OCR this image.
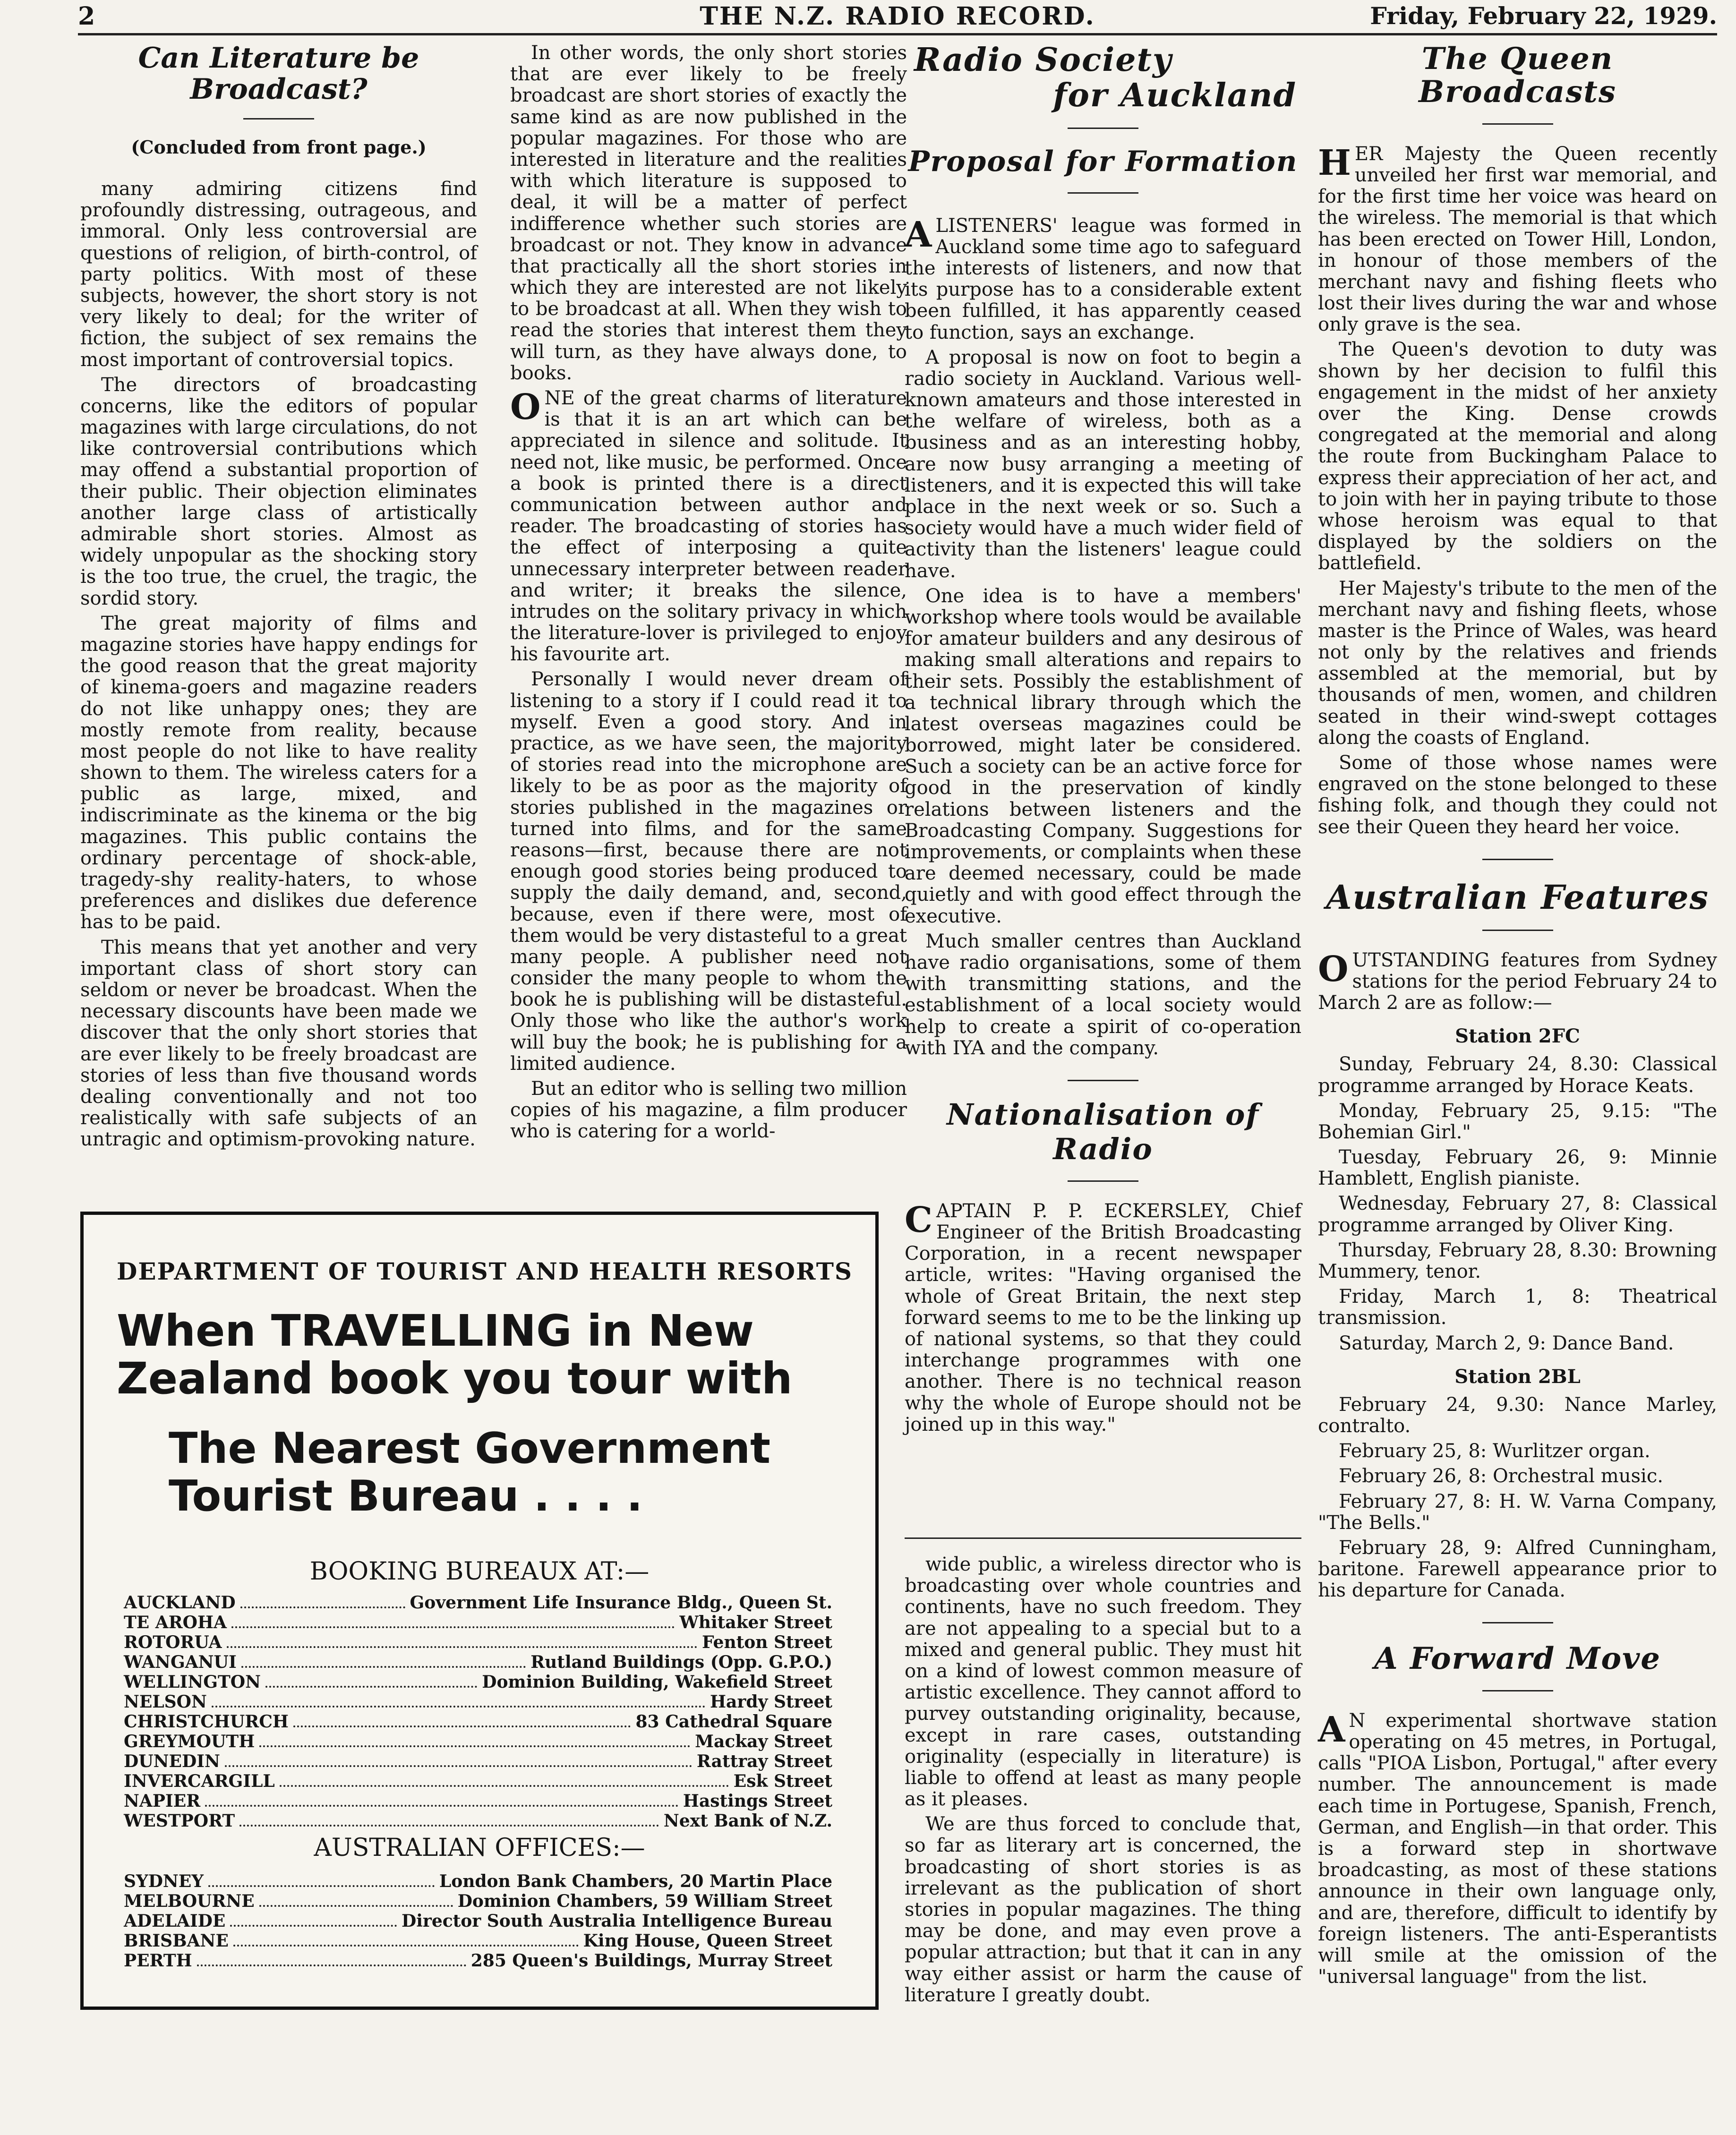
2	THE N.Z. RADIO RECORD.	Friday, February 22, 1929.
Can Literature be Broadcast?
(Concluded from front page.)

many admiring citizens find profoundly distressing, outrageous, and immoral. Only less controversial are questions of religion, of birth-control, of party politics. With most of these subjects, however, the short story is not very likely to deal; for the writer of fiction, the subject of sex remains the most important of controversial topics.

The directors of broadcasting concerns, like the editors of popular magazines with large circulations, do not like controversial contributions which may offend a substantial proportion of their public. Their objection eliminates another large class of artistically admirable short stories. Almost as widely unpopular as the shocking story is the too true, the cruel, the tragic, the sordid story.

The great majority of films and magazine stories have happy endings for the good reason that the great majority of kinema-goers and magazine readers do not like unhappy ones; they are mostly remote from reality, because most people do not like to have reality shown to them. The wireless caters for a public as large, mixed, and indiscriminate as the kinema or the big magazines. This public contains the ordinary percentage of shock-able, tragedy-shy reality-haters, to whose preferences and dislikes due deference has to be paid.

This means that yet another and very important class of short story can seldom or never be broadcast. When the necessary discounts have been made we discover that the only short stories that are ever likely to be freely broadcast are stories of less than five thousand words dealing conventionally and not too realistically with safe subjects of an untragic and optimism-provoking nature.

In other words, the only short stories that are ever likely to be freely broadcast are short stories of exactly the same kind as are now published in the popular magazines. For those who are interested in literature and the realities with which literature is supposed to deal, it will be a matter of perfect indifference whether such stories are broadcast or not. They know in advance that practically all the short stories in which they are interested are not likely to be broadcast at all. When they wish to read the stories that interest them they will turn, as they have always done, to books.

ONE of the great charms of literature is that it is an art which can be appreciated in silence and solitude. It need not, like music, be performed. Once a book is printed there is a direct communication between author and reader. The broadcasting of stories has the effect of interposing a quite unnecessary interpreter between reader and writer; it breaks the silence, intrudes on the solitary privacy in which the literature-lover is privileged to enjoy his favourite art.

Personally I would never dream of listening to a story if I could read it to myself. Even a good story. And in practice, as we have seen, the majority of stories read into the microphone are likely to be as poor as the majority of stories published in the magazines or turned into films, and for the same reasons—first, because there are not enough good stories being produced to supply the daily demand, and, second, because, even if there were, most of them would be very distasteful to a great many people. A publisher need not consider the many people to whom the book he is publishing will be distasteful. Only those who like the author's work will buy the book; he is publishing for a limited audience.

But an editor who is selling two million copies of his magazine, a film producer who is catering for a world-

Radio Society
for Auckland
Proposal for Formation

ALISTENERS' league was formed in Auckland some time ago to safeguard the interests of listeners, and now that its purpose has to a considerable extent been fulfilled, it has apparently ceased to function, says an exchange.

A proposal is now on foot to begin a radio society in Auckland. Various well-known amateurs and those interested in the welfare of wireless, both as a business and as an interesting hobby, are now busy arranging a meeting of listeners, and it is expected this will take place in the next week or so. Such a society would have a much wider field of activity than the listeners' league could have.

One idea is to have a members' workshop where tools would be available for amateur builders and any desirous of making small alterations and repairs to their sets. Possibly the establishment of a technical library through which the latest overseas magazines could be borrowed, might later be considered. Such a society can be an active force for good in the preservation of kindly relations between listeners and the Broadcasting Company. Suggestions for improvements, or complaints when these are deemed necessary, could be made quietly and with good effect through the executive.

Much smaller centres than Auckland have radio organisations, some of them with transmitting stations, and the establishment of a local society would help to create a spirit of co-operation with IYA and the company.

Nationalisation of Radio

CAPTAIN P. P. ECKERSLEY, Chief Engineer of the British Broadcasting Corporation, in a recent newspaper article, writes: "Having organised the whole of Great Britain, the next step forward seems to me to be the linking up of national systems, so that they could interchange programmes with one another. There is no technical reason why the whole of Europe should not be joined up in this way."

wide public, a wireless director who is broadcasting over whole countries and continents, have no such freedom. They are not appealing to a special but to a mixed and general public. They must hit on a kind of lowest common measure of artistic excellence. They cannot afford to purvey outstanding originality, because, except in rare cases, outstanding originality (especially in literature) is liable to offend at least as many people as it pleases.

We are thus forced to conclude that, so far as literary art is concerned, the broadcasting of short stories is as irrelevant as the publication of short stories in popular magazines. The thing may be done, and may even prove a popular attraction; but that it can in any way either assist or harm the cause of literature I greatly doubt.

The Queen Broadcasts

HER Majesty the Queen recently unveiled her first war memorial, and for the first time her voice was heard on the wireless. The memorial is that which has been erected on Tower Hill, London, in honour of those members of the merchant navy and fishing fleets who lost their lives during the war and whose only grave is the sea.

The Queen's devotion to duty was shown by her decision to fulfil this engagement in the midst of her anxiety over the King. Dense crowds congregated at the memorial and along the route from Buckingham Palace to express their appreciation of her act, and to join with her in paying tribute to those whose heroism was equal to that displayed by the soldiers on the battlefield.

Her Majesty's tribute to the men of the merchant navy and fishing fleets, whose master is the Prince of Wales, was heard not only by the relatives and friends assembled at the memorial, but by thousands of men, women, and children seated in their wind-swept cottages along the coasts of England.

Some of those whose names were engraved on the stone belonged to these fishing folk, and though they could not see their Queen they heard her voice.

Australian Features

OUTSTANDING features from Sydney stations for the period February 24 to March 2 are as follow:—

Station 2FC

Sunday, February 24, 8.30: Classical programme arranged by Horace Keats.

Monday, February 25, 9.15: "The Bohemian Girl."

Tuesday, February 26, 9: Minnie Hamblett, English pianiste.

Wednesday, February 27, 8: Classical programme arranged by Oliver King.

Thursday, February 28, 8.30: Browning Mummery, tenor.

Friday, March 1, 8: Theatrical transmission.

Saturday, March 2, 9: Dance Band.

Station 2BL

February 24, 9.30: Nance Marley, contralto.

February 25, 8: Wurlitzer organ.

February 26, 8: Orchestral music.

February 27, 8: H. W. Varna Company, "The Bells."

February 28, 9: Alfred Cunningham, baritone. Farewell appearance prior to his departure for Canada.

A Forward Move

AN experimental shortwave station operating on 45 metres, in Portugal, calls "PIOA Lisbon, Portugal," after every number. The announcement is made each time in Portugese, Spanish, French, German, and English—in that order. This is a forward step in shortwave broadcasting, as most of these stations announce in their own language only, and are, therefore, difficult to identify by foreign listeners. The anti-Esperantists will smile at the omission of the "universal language" from the list.

DEPARTMENT OF TOURIST AND HEALTH RESORTS
When TRAVELLING in New Zealand book you tour with
The Nearest Government Tourist Bureau . . . .
BOOKING BUREAUX AT:—
AUCKLAND	Government Life Insurance Bldg., Queen St.
TE AROHA	Whitaker Street
ROTORUA	Fenton Street
WANGANUI	Rutland Buildings (Opp. G.P.O.)
WELLINGTON	Dominion Building, Wakefield Street
NELSON	Hardy Street
CHRISTCHURCH	83 Cathedral Square
GREYMOUTH	Mackay Street
DUNEDIN	Rattray Street
INVERCARGILL	Esk Street
NAPIER	Hastings Street
WESTPORT	Next Bank of N.Z.
AUSTRALIAN OFFICES:—
SYDNEY	London Bank Chambers, 20 Martin Place
MELBOURNE	Dominion Chambers, 59 William Street
ADELAIDE	Director South Australia Intelligence Bureau
BRISBANE	King House, Queen Street
PERTH	285 Queen's Buildings, Murray Street
